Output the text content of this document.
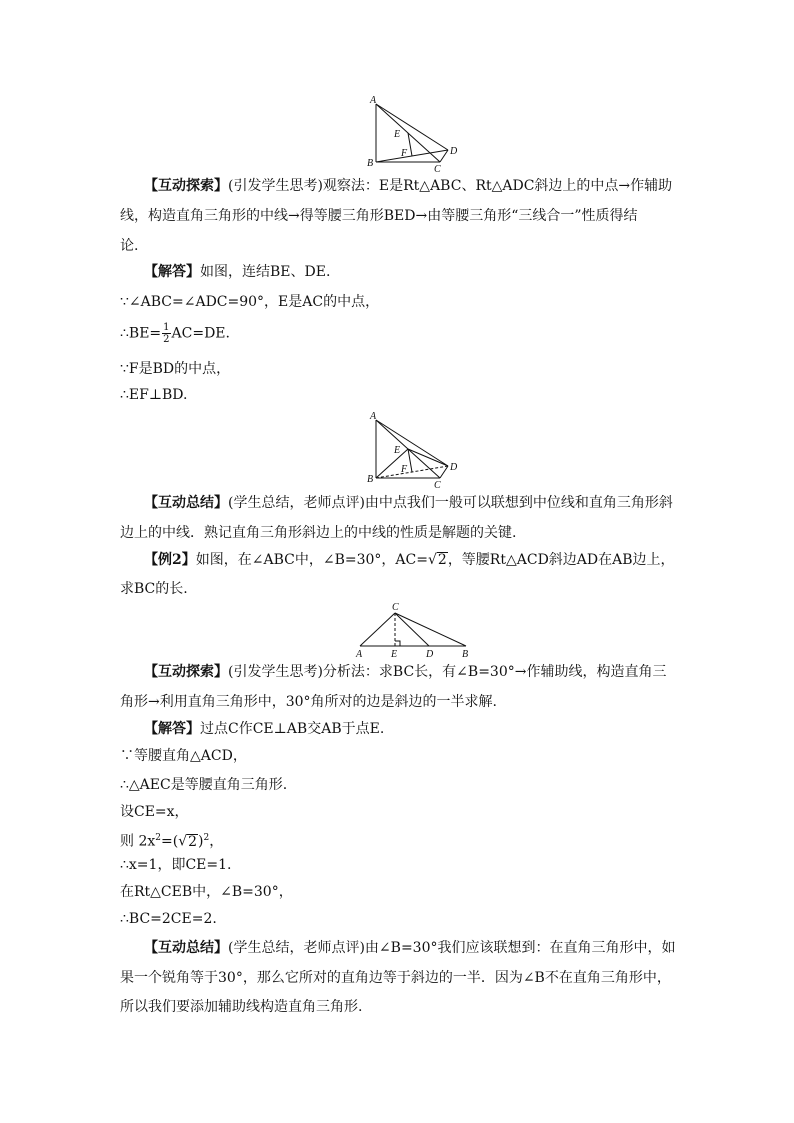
A
B
C
D
E
F
【互动探索】(引发学生思考)观察法：E是Rt△ABC、Rt△ADC斜边上的中点→作辅助
线，构造直角三角形的中线→得等腰三角形BED→由等腰三角形“三线合一”性质得结
论.
【解答】如图，连结BE、DE.
∵∠ABC=∠ADC=90°，E是AC的中点，
∴BE= $\frac{1}{2} AC=DE$.
∵F是BD的中点，
∴EF⊥BD.
A
B
C
D
E
F
【互动总结】(学生总结，老师点评)由中点我们一般可以联想到中位线和直角三角形斜
边上的中线．熟记直角三角形斜边上的中线的性质是解题的关键.
【例2】如图，在∠ABC中，∠B=30°，AC=√2，等腰Rt△ACD斜边AD在AB边上，
求BC的长.
C
A	E	D	B
【互动探索】(引发学生思考)分析法：求BC长，有∠B=30°→作辅助线，构造直角三
角形→利用直角三角形中，30°角所对的边是斜边的一半求解.
【解答】过点C作CE⊥AB交AB于点E.
∵等腰直角△ACD，
∴△AEC是等腰直角三角形.
设CE=x，
则 $2x^2=(√2)^2$，
∴x=1，即CE=1.
在Rt△CEB中，∠B=30°，
∴BC=2CE=2.
【互动总结】(学生总结，老师点评)由∠B=30°我们应该联想到：在直角三角形中，如
果一个锐角等于30°，那么它所对的直角边等于斜边的一半．因为∠B不在直角三角形中，
所以我们要添加辅助线构造直角三角形.
